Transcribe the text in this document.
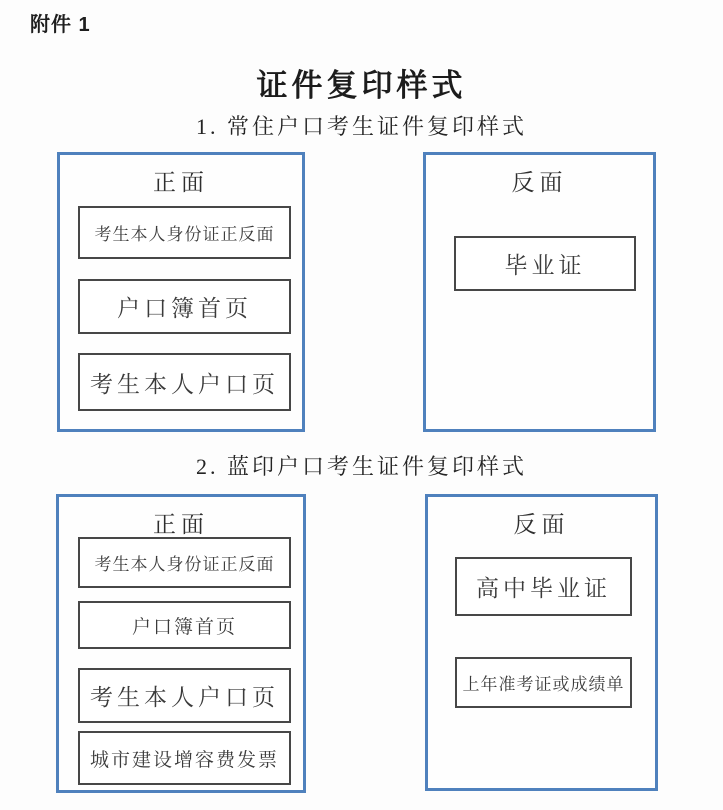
附件 1
证件复印样式
1. 常住户口考生证件复印样式
正面
考生本人身份证正反面
户口簿首页
考生本人户口页
反面
毕业证
2. 蓝印户口考生证件复印样式
正面
考生本人身份证正反面
户口簿首页
考生本人户口页
城市建设增容费发票
反面
高中毕业证
上年准考证或成绩单
